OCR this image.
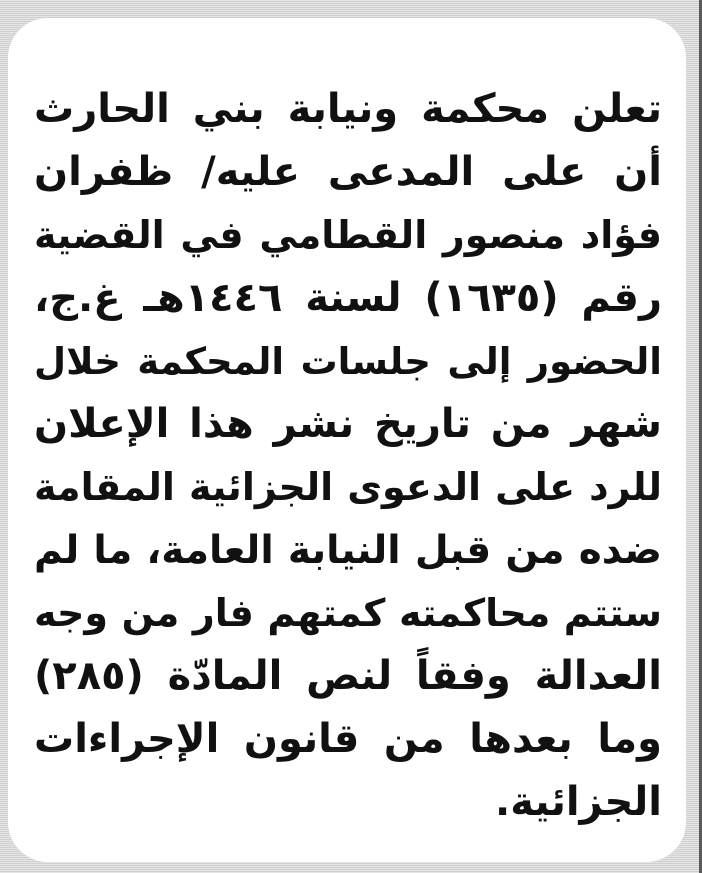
تعلن محكمة ونيابة بني الحارث
أن على المدعى عليه/ ظفران
فؤاد منصور القطامي في القضية
رقم (١٦٣٥) لسنة ١٤٤٦هـ غ.ج،
الحضور إلى جلسات المحكمة خلال
شهر من تاريخ نشر هذا الإعلان
للرد على الدعوى الجزائية المقامة
ضده من قبل النيابة العامة، ما لم
ستتم محاكمته كمتهم فار من وجه
العدالة وفقاً لنص المادّة (٢٨٥)
وما بعدها من قانون الإجراءات
الجزائية.
